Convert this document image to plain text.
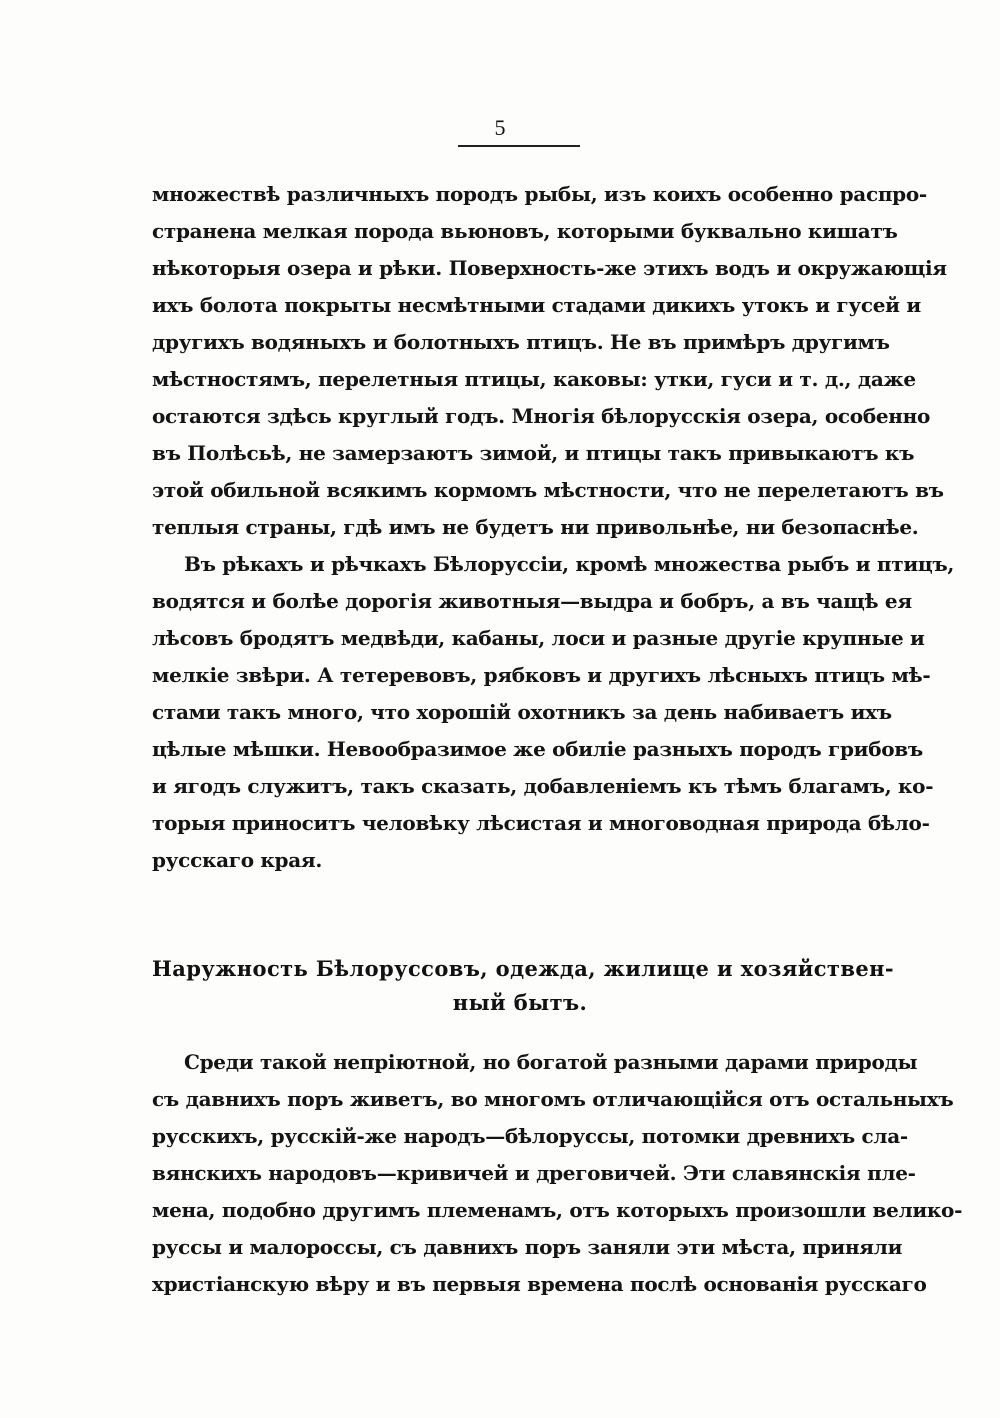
5
множествѣ различныхъ породъ рыбы, изъ коихъ особенно распро-
странена мелкая порода вьюновъ, которыми буквально кишатъ
нѣкоторыя озера и рѣки. Поверхность-же этихъ водъ и окружающія
ихъ болота покрыты несмѣтными стадами дикихъ утокъ и гусей и
другихъ водяныхъ и болотныхъ птицъ. Не въ примѣръ другимъ
мѣстностямъ, перелетныя птицы, каковы: утки, гуси и т. д., даже
остаются здѣсь круглый годъ. Многія бѣлорусскія озера, особенно
въ Полѣсьѣ, не замерзаютъ зимой, и птицы такъ привыкаютъ къ
этой обильной всякимъ кормомъ мѣстности, что не перелетаютъ въ
теплыя страны, гдѣ имъ не будетъ ни привольнѣе, ни безопаснѣе.
Въ рѣкахъ и рѣчкахъ Бѣлоруссіи, кромѣ множества рыбъ и птицъ,
водятся и болѣе дорогія животныя—выдра и бобръ, а въ чащѣ ея
лѣсовъ бродятъ медвѣди, кабаны, лоси и разные другіе крупные и
мелкіе звѣри. А тетеревовъ, рябковъ и другихъ лѣсныхъ птицъ мѣ-
стами такъ много, что хорошій охотникъ за день набиваетъ ихъ
цѣлые мѣшки. Невообразимое же обиліе разныхъ породъ грибовъ
и ягодъ служитъ, такъ сказать, добавленіемъ къ тѣмъ благамъ, ко-
торыя приноситъ человѣку лѣсистая и многоводная природа бѣло-
русскаго края.
Наружность Бѣлоруссовъ, одежда, жилище и хозяйствен-
ный бытъ.
Среди такой непріютной, но богатой разными дарами природы
съ давнихъ поръ живетъ, во многомъ отличающійся отъ остальныхъ
русскихъ, русскій-же народъ—бѣлоруссы, потомки древнихъ сла-
вянскихъ народовъ—кривичей и дреговичей. Эти славянскія пле-
мена, подобно другимъ племенамъ, отъ которыхъ произошли велико-
руссы и малороссы, съ давнихъ поръ заняли эти мѣста, приняли
христіанскую вѣру и въ первыя времена послѣ основанія русскаго
